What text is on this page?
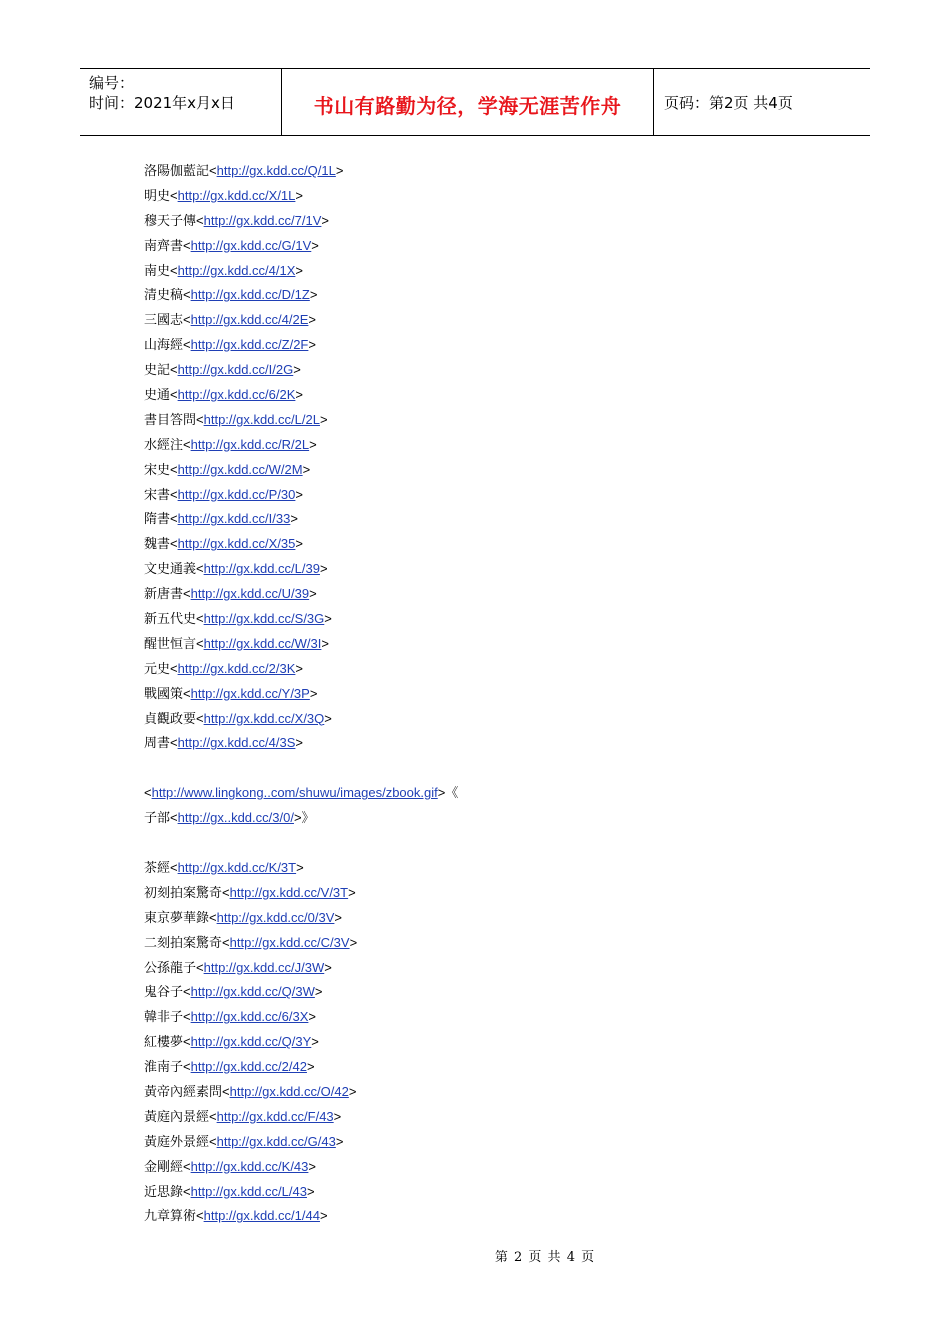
编号：
时间：2021年x月x日	书山有路勤为径，学海无涯苦作舟	页码：第2页 共4页
洛陽伽藍記<http://gx.kdd.cc/Q/1L>
明史<http://gx.kdd.cc/X/1L>
穆天子傳<http://gx.kdd.cc/7/1V>
南齊書<http://gx.kdd.cc/G/1V>
南史<http://gx.kdd.cc/4/1X>
清史稿<http://gx.kdd.cc/D/1Z>
三國志<http://gx.kdd.cc/4/2E>
山海經<http://gx.kdd.cc/Z/2F>
史記<http://gx.kdd.cc/I/2G>
史通<http://gx.kdd.cc/6/2K>
書目答問<http://gx.kdd.cc/L/2L>
水經注<http://gx.kdd.cc/R/2L>
宋史<http://gx.kdd.cc/W/2M>
宋書<http://gx.kdd.cc/P/30>
隋書<http://gx.kdd.cc/I/33>
魏書<http://gx.kdd.cc/X/35>
文史通義<http://gx.kdd.cc/L/39>
新唐書<http://gx.kdd.cc/U/39>
新五代史<http://gx.kdd.cc/S/3G>
醒世恒言<http://gx.kdd.cc/W/3I>
元史<http://gx.kdd.cc/2/3K>
戰國策<http://gx.kdd.cc/Y/3P>
貞觀政要<http://gx.kdd.cc/X/3Q>
周書<http://gx.kdd.cc/4/3S>
<http://www.lingkong..com/shuwu/images/zbook.gif>《
子部<http://gx..kdd.cc/3/0/>》
茶經<http://gx.kdd.cc/K/3T>
初刻拍案驚奇<http://gx.kdd.cc/V/3T>
東京夢華錄<http://gx.kdd.cc/0/3V>
二刻拍案驚奇<http://gx.kdd.cc/C/3V>
公孫龍子<http://gx.kdd.cc/J/3W>
鬼谷子<http://gx.kdd.cc/Q/3W>
韓非子<http://gx.kdd.cc/6/3X>
紅樓夢<http://gx.kdd.cc/Q/3Y>
淮南子<http://gx.kdd.cc/2/42>
黃帝內經素問<http://gx.kdd.cc/O/42>
黃庭內景經<http://gx.kdd.cc/F/43>
黃庭外景經<http://gx.kdd.cc/G/43>
金剛經<http://gx.kdd.cc/K/43>
近思錄<http://gx.kdd.cc/L/43>
九章算術<http://gx.kdd.cc/1/44>
第 2 页 共 4 页
